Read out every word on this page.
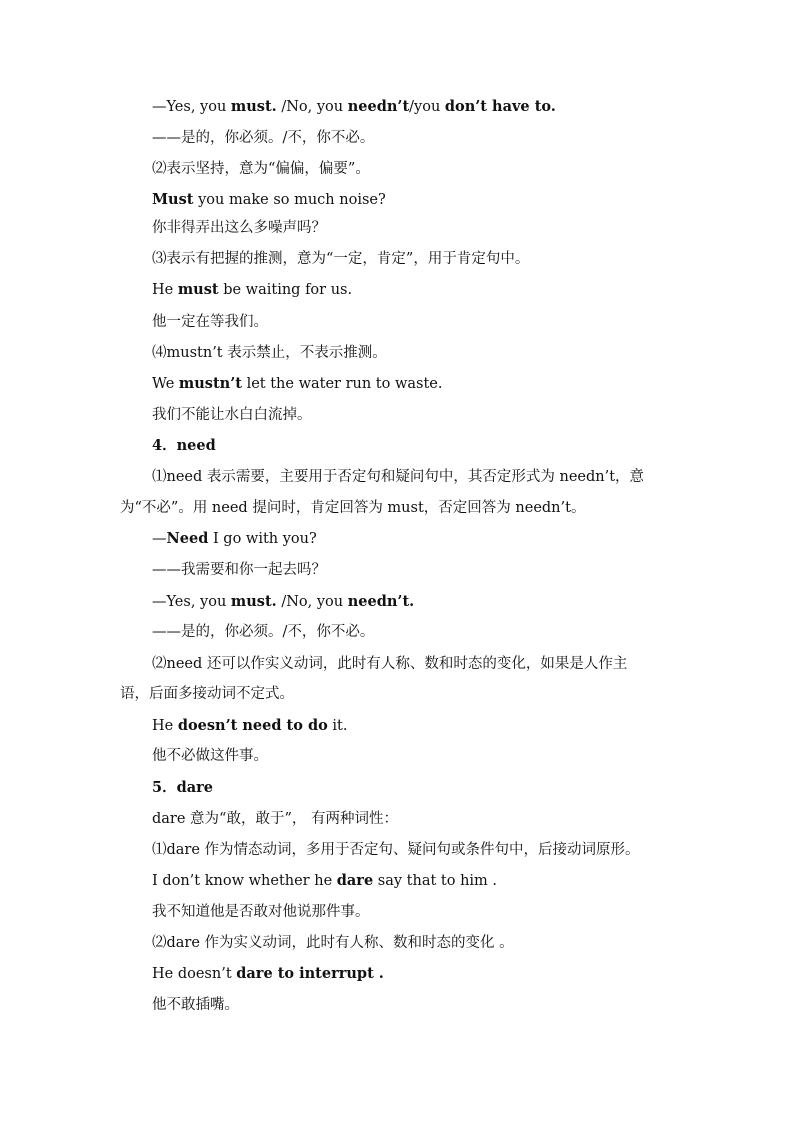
—Yes, you must. /No, you needn’t/you don’t have to.
——是的，你必须。/不，你不必。
⑵表示坚持，意为“偏偏，偏要”。
Must you make so much noise?
你非得弄出这么多噪声吗？
⑶表示有把握的推测，意为“一定，肯定”，用于肯定句中。
He must be waiting for us.
他一定在等我们。
⑷mustn’t 表示禁止，不表示推测。
We mustn’t let the water run to waste.
我们不能让水白白流掉。
4．need
⑴need 表示需要，主要用于否定句和疑问句中，其否定形式为 needn’t，意
为“不必”。用 need 提问时，肯定回答为 must，否定回答为 needn’t。
—Need I go with you?
——我需要和你一起去吗？
—Yes, you must. /No, you needn’t.
——是的，你必须。/不，你不必。
⑵need 还可以作实义动词，此时有人称、数和时态的变化，如果是人作主
语，后面多接动词不定式。
He doesn’t need to do it.
他不必做这件事。
5．dare
dare 意为“敢，敢于”， 有两种词性：
⑴dare 作为情态动词，多用于否定句、疑问句或条件句中，后接动词原形。
I don’t know whether he dare say that to him .
我不知道他是否敢对他说那件事。
⑵dare 作为实义动词，此时有人称、数和时态的变化 。
He doesn’t dare to interrupt .
他不敢插嘴。
